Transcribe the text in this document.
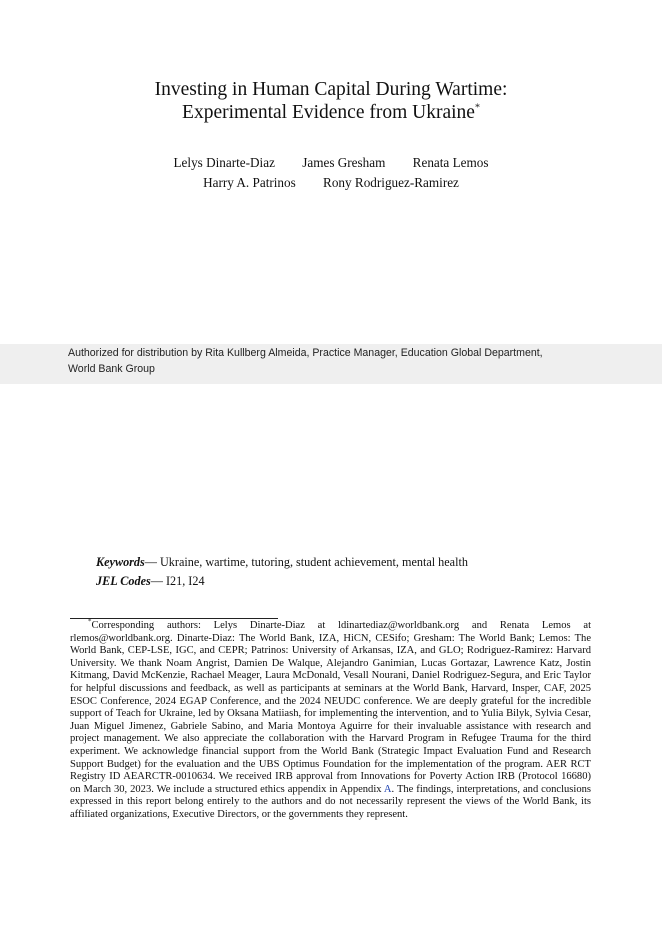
Investing in Human Capital During Wartime:
Experimental Evidence from Ukraine*
Lelys Dinarte-Diaz James Gresham Renata Lemos
Harry A. Patrinos Rony Rodriguez-Ramirez
Authorized for distribution by Rita Kullberg Almeida, Practice Manager, Education Global Department,
World Bank Group
Keywords— Ukraine, wartime, tutoring, student achievement, mental health
JEL Codes— I21, I24
*Corresponding authors: Lelys Dinarte-Diaz at ldinartediaz@worldbank.org and Renata Lemos at rlemos@worldbank.org. Dinarte-Diaz: The World Bank, IZA, HiCN, CESifo; Gresham: The World Bank; Lemos: The World Bank, CEP-LSE, IGC, and CEPR; Patrinos: University of Arkansas, IZA, and GLO; Rodriguez-Ramirez: Harvard University. We thank Noam Angrist, Damien De Walque, Alejandro Ganimian, Lucas Gortazar, Lawrence Katz, Jostin Kitmang, David McKenzie, Rachael Meager, Laura McDonald, Vesall Nourani, Daniel Rodriguez-Segura, and Eric Taylor for helpful discussions and feedback, as well as participants at seminars at the World Bank, Harvard, Insper, CAF, 2025 ESOC Conference, 2024 EGAP Conference, and the 2024 NEUDC conference. We are deeply grateful for the incredible support of Teach for Ukraine, led by Oksana Matiiash, for implementing the intervention, and to Yulia Bilyk, Sylvia Cesar, Juan Miguel Jimenez, Gabriele Sabino, and Maria Montoya Aguirre for their invaluable assistance with research and project management. We also appreciate the collaboration with the Harvard Program in Refugee Trauma for the third experiment. We acknowledge financial support from the World Bank (Strategic Impact Evaluation Fund and Research Support Budget) for the evaluation and the UBS Optimus Foundation for the implementation of the program. AER RCT Registry ID AEARCTR-0010634. We received IRB approval from Innovations for Poverty Action IRB (Protocol 16680) on March 30, 2023. We include a structured ethics appendix in Appendix A. The findings, interpretations, and conclusions expressed in this report belong entirely to the authors and do not necessarily represent the views of the World Bank, its affiliated organizations, Executive Directors, or the governments they represent.
